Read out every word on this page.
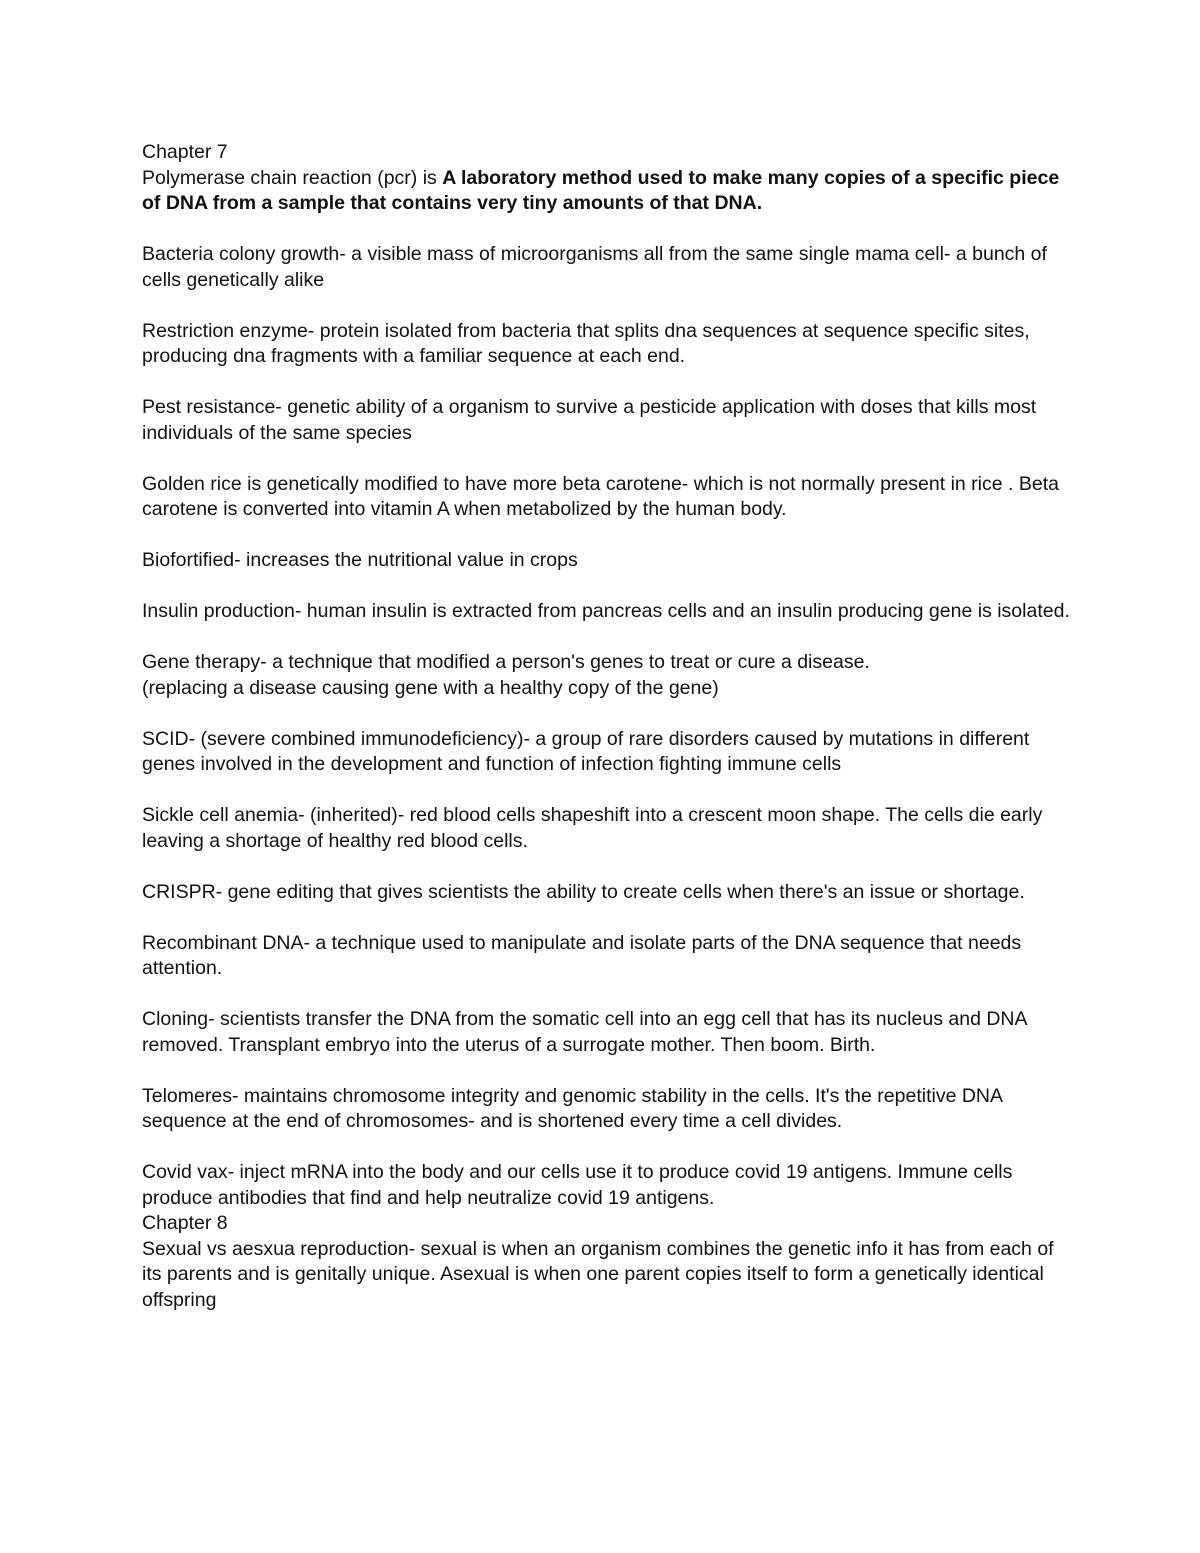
Chapter 7

Polymerase chain reaction (pcr) is A laboratory method used to make many copies of a specific piece of DNA from a sample that contains very tiny amounts of that DNA.

Bacteria colony growth- a visible mass of microorganisms all from the same single mama cell- a bunch of cells genetically alike

Restriction enzyme- protein isolated from bacteria that splits dna sequences at sequence specific sites, producing dna fragments with a familiar sequence at each end.

Pest resistance- genetic ability of a organism to survive a pesticide application with doses that kills most individuals of the same species

Golden rice is genetically modified to have more beta carotene- which is not normally present in rice . Beta carotene is converted into vitamin A when metabolized by the human body.

Biofortified- increases the nutritional value in crops

Insulin production- human insulin is extracted from pancreas cells and an insulin producing gene is isolated.

Gene therapy- a technique that modified a person's genes to treat or cure a disease.

(replacing a disease causing gene with a healthy copy of the gene)

SCID- (severe combined immunodeficiency)- a group of rare disorders caused by mutations in different genes involved in the development and function of infection fighting immune cells

Sickle cell anemia- (inherited)- red blood cells shapeshift into a crescent moon shape. The cells die early leaving a shortage of healthy red blood cells.

CRISPR- gene editing that gives scientists the ability to create cells when there's an issue or shortage.

Recombinant DNA- a technique used to manipulate and isolate parts of the DNA sequence that needs attention.

Cloning- scientists transfer the DNA from the somatic cell into an egg cell that has its nucleus and DNA removed. Transplant embryo into the uterus of a surrogate mother. Then boom. Birth.

Telomeres- maintains chromosome integrity and genomic stability in the cells. It's the repetitive DNA sequence at the end of chromosomes- and is shortened every time a cell divides.

Covid vax- inject mRNA into the body and our cells use it to produce covid 19 antigens. Immune cells produce antibodies that find and help neutralize covid 19 antigens.

Chapter 8

Sexual vs aesxua reproduction- sexual is when an organism combines the genetic info it has from each of its parents and is genitally unique. Asexual is when one parent copies itself to form a genetically identical offspring
